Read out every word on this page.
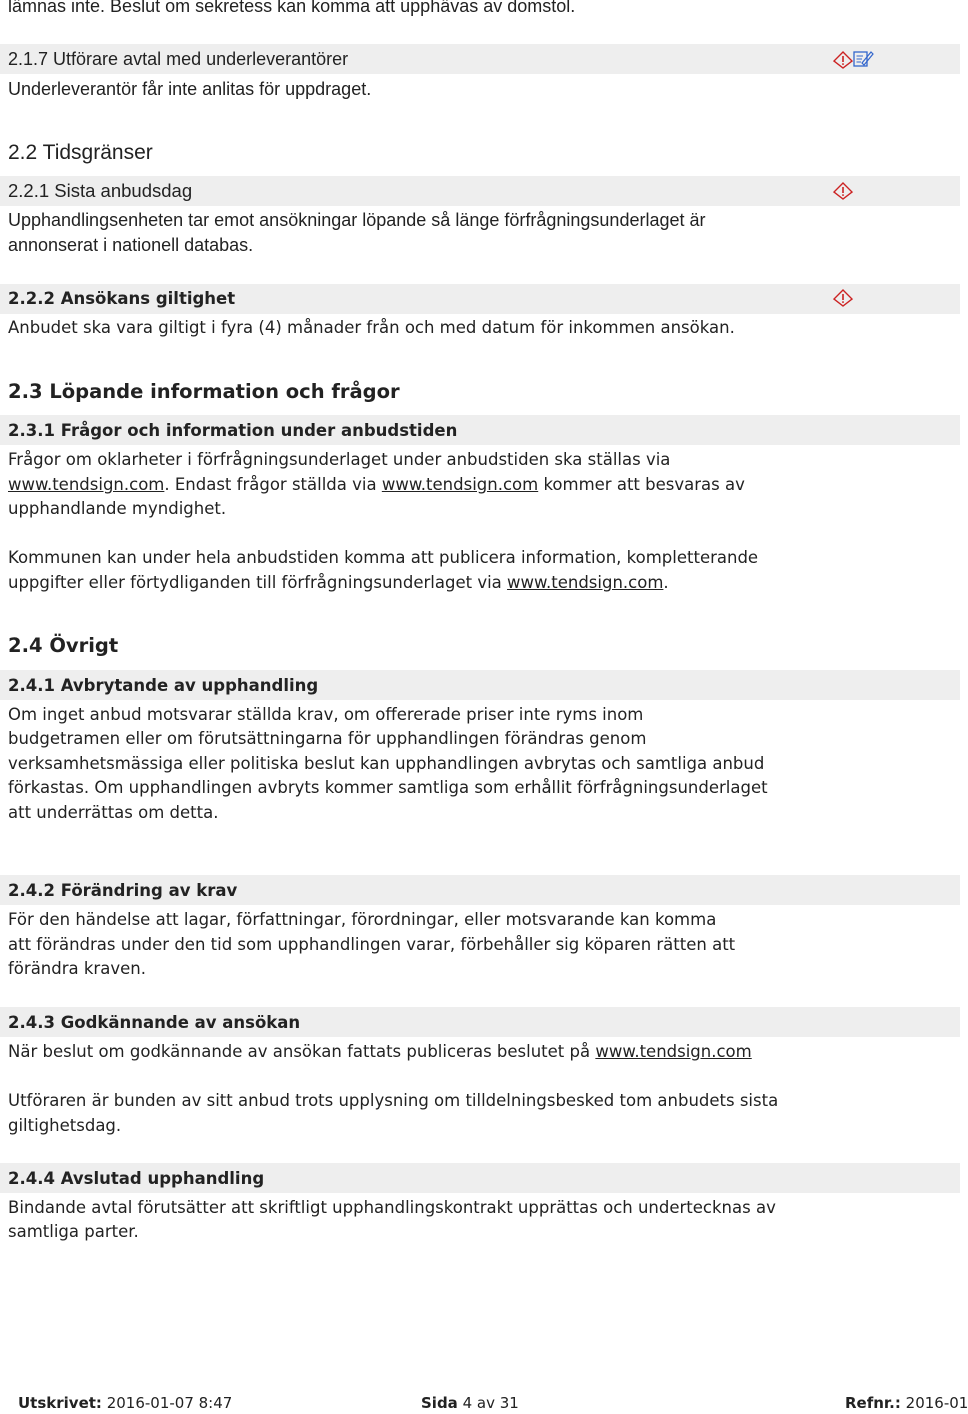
lämnas inte. Beslut om sekretess kan komma att upphävas av domstol.
2.1.7 Utförare avtal med underleverantörer
Underleverantör får inte anlitas för uppdraget.
2.2 Tidsgränser
2.2.1 Sista anbudsdag
Upphandlingsenheten tar emot ansökningar löpande så länge förfrågningsunderlaget är
annonserat i nationell databas.
2.2.2 Ansökans giltighet
Anbudet ska vara giltigt i fyra (4) månader från och med datum för inkommen ansökan.
2.3 Löpande information och frågor
2.3.1 Frågor och information under anbudstiden
Frågor om oklarheter i förfrågningsunderlaget under anbudstiden ska ställas via
www.tendsign.com. Endast frågor ställda via www.tendsign.com kommer att besvaras av
upphandlande myndighet.
Kommunen kan under hela anbudstiden komma att publicera information, kompletterande
uppgifter eller förtydliganden till förfrågningsunderlaget via www.tendsign.com.
2.4 Övrigt
2.4.1 Avbrytande av upphandling
Om inget anbud motsvarar ställda krav, om offererade priser inte ryms inom
budgetramen eller om förutsättningarna för upphandlingen förändras genom
verksamhetsmässiga eller politiska beslut kan upphandlingen avbrytas och samtliga anbud
förkastas. Om upphandlingen avbryts kommer samtliga som erhållit förfrågningsunderlaget
att underrättas om detta.
2.4.2 Förändring av krav
För den händelse att lagar, författningar, förordningar, eller motsvarande kan komma
att förändras under den tid som upphandlingen varar, förbehåller sig köparen rätten att
förändra kraven.
2.4.3 Godkännande av ansökan
När beslut om godkännande av ansökan fattats publiceras beslutet på www.tendsign.com
Utföraren är bunden av sitt anbud trots upplysning om tilldelningsbesked tom anbudets sista
giltighetsdag.
2.4.4 Avslutad upphandling
Bindande avtal förutsätter att skriftligt upphandlingskontrakt upprättas och undertecknas av
samtliga parter.
Utskrivet: 2016-01-07 8:47	Sida 4 av 31	Refnr.: 2016-01
